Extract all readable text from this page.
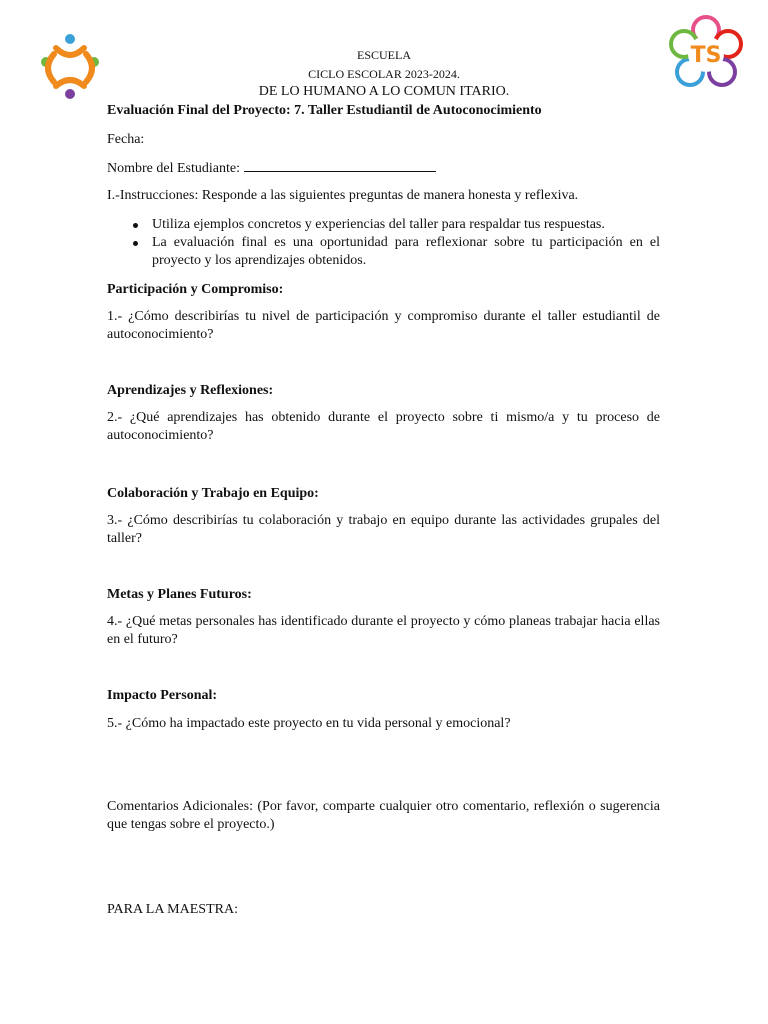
TS
ESCUELA
CICLO ESCOLAR 2023-2024.
DE LO HUMANO A LO COMUN ITARIO.
Evaluación Final del Proyecto: 7. Taller Estudiantil de Autoconocimiento
Fecha:
Nombre del Estudiante:
I.-Instrucciones: Responde a las siguientes preguntas de manera honesta y reflexiva.
Utiliza ejemplos concretos y experiencias del taller para respaldar tus respuestas.
La evaluación final es una oportunidad para reflexionar sobre tu participación en el proyecto y los aprendizajes obtenidos.
Participación y Compromiso:
1.- ¿Cómo describirías tu nivel de participación y compromiso durante el taller estudiantil de autoconocimiento?
Aprendizajes y Reflexiones:
2.- ¿Qué aprendizajes has obtenido durante el proyecto sobre ti mismo/a y tu proceso de autoconocimiento?
Colaboración y Trabajo en Equipo:
3.- ¿Cómo describirías tu colaboración y trabajo en equipo durante las actividades grupales del taller?
Metas y Planes Futuros:
4.- ¿Qué metas personales has identificado durante el proyecto y cómo planeas trabajar hacia ellas en el futuro?
Impacto Personal:
5.- ¿Cómo ha impactado este proyecto en tu vida personal y emocional?
Comentarios Adicionales: (Por favor, comparte cualquier otro comentario, reflexión o sugerencia que tengas sobre el proyecto.)
PARA LA MAESTRA:
